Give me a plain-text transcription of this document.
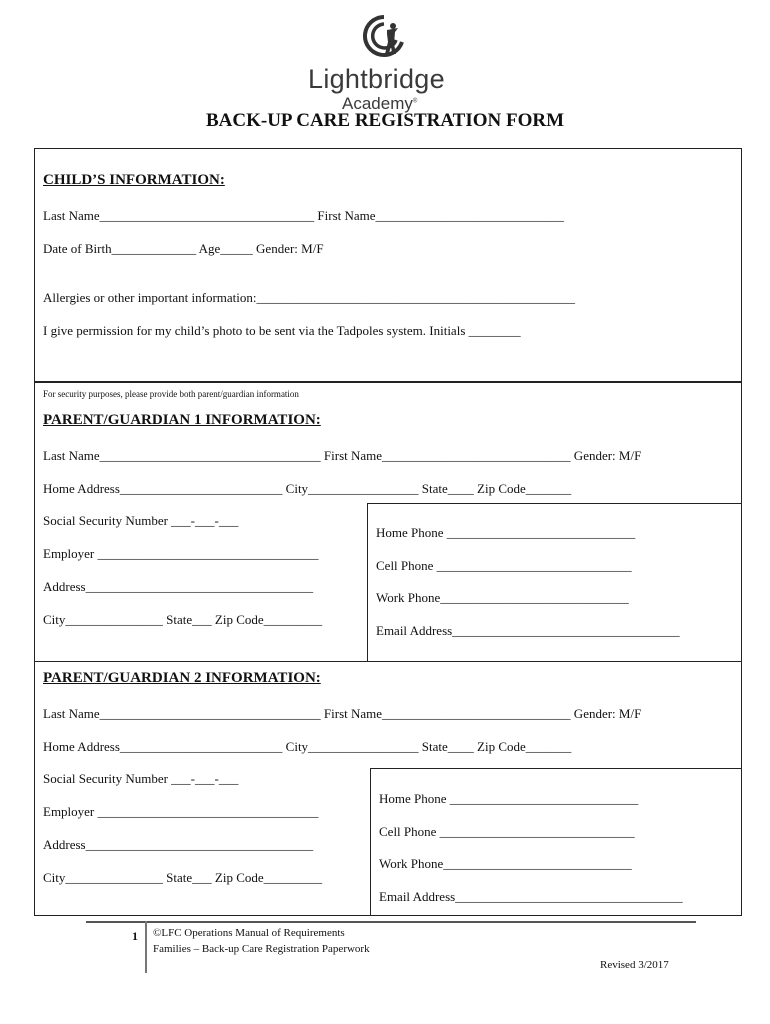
Lightbridge
Academy®
BACK-UP CARE REGISTRATION FORM
CHILD’S INFORMATION:
Last Name_________________________________ First Name_____________________________
Date of Birth_____________ Age_____ Gender: M/F
Allergies or other important information:_________________________________________________
I give permission for my child’s photo to be sent via the Tadpoles system. Initials ________
For security purposes, please provide both parent/guardian information
PARENT/GUARDIAN 1 INFORMATION:
Last Name__________________________________ First Name_____________________________ Gender: M/F
Home Address_________________________ City_________________ State____ Zip Code_______
Social Security Number ___-___-___
Employer __________________________________
Address___________________________________
City_______________ State___ Zip Code_________
Home Phone _____________________________
Cell Phone ______________________________
Work Phone_____________________________
Email Address___________________________________
PARENT/GUARDIAN 2 INFORMATION:
Last Name__________________________________ First Name_____________________________ Gender: M/F
Home Address_________________________ City_________________ State____ Zip Code_______
Social Security Number ___-___-___
Employer __________________________________
Address___________________________________
City_______________ State___ Zip Code_________
Home Phone _____________________________
Cell Phone ______________________________
Work Phone_____________________________
Email Address___________________________________
1 ©LFC Operations Manual of Requirements
Families – Back-up Care Registration Paperwork
Revised 3/2017
